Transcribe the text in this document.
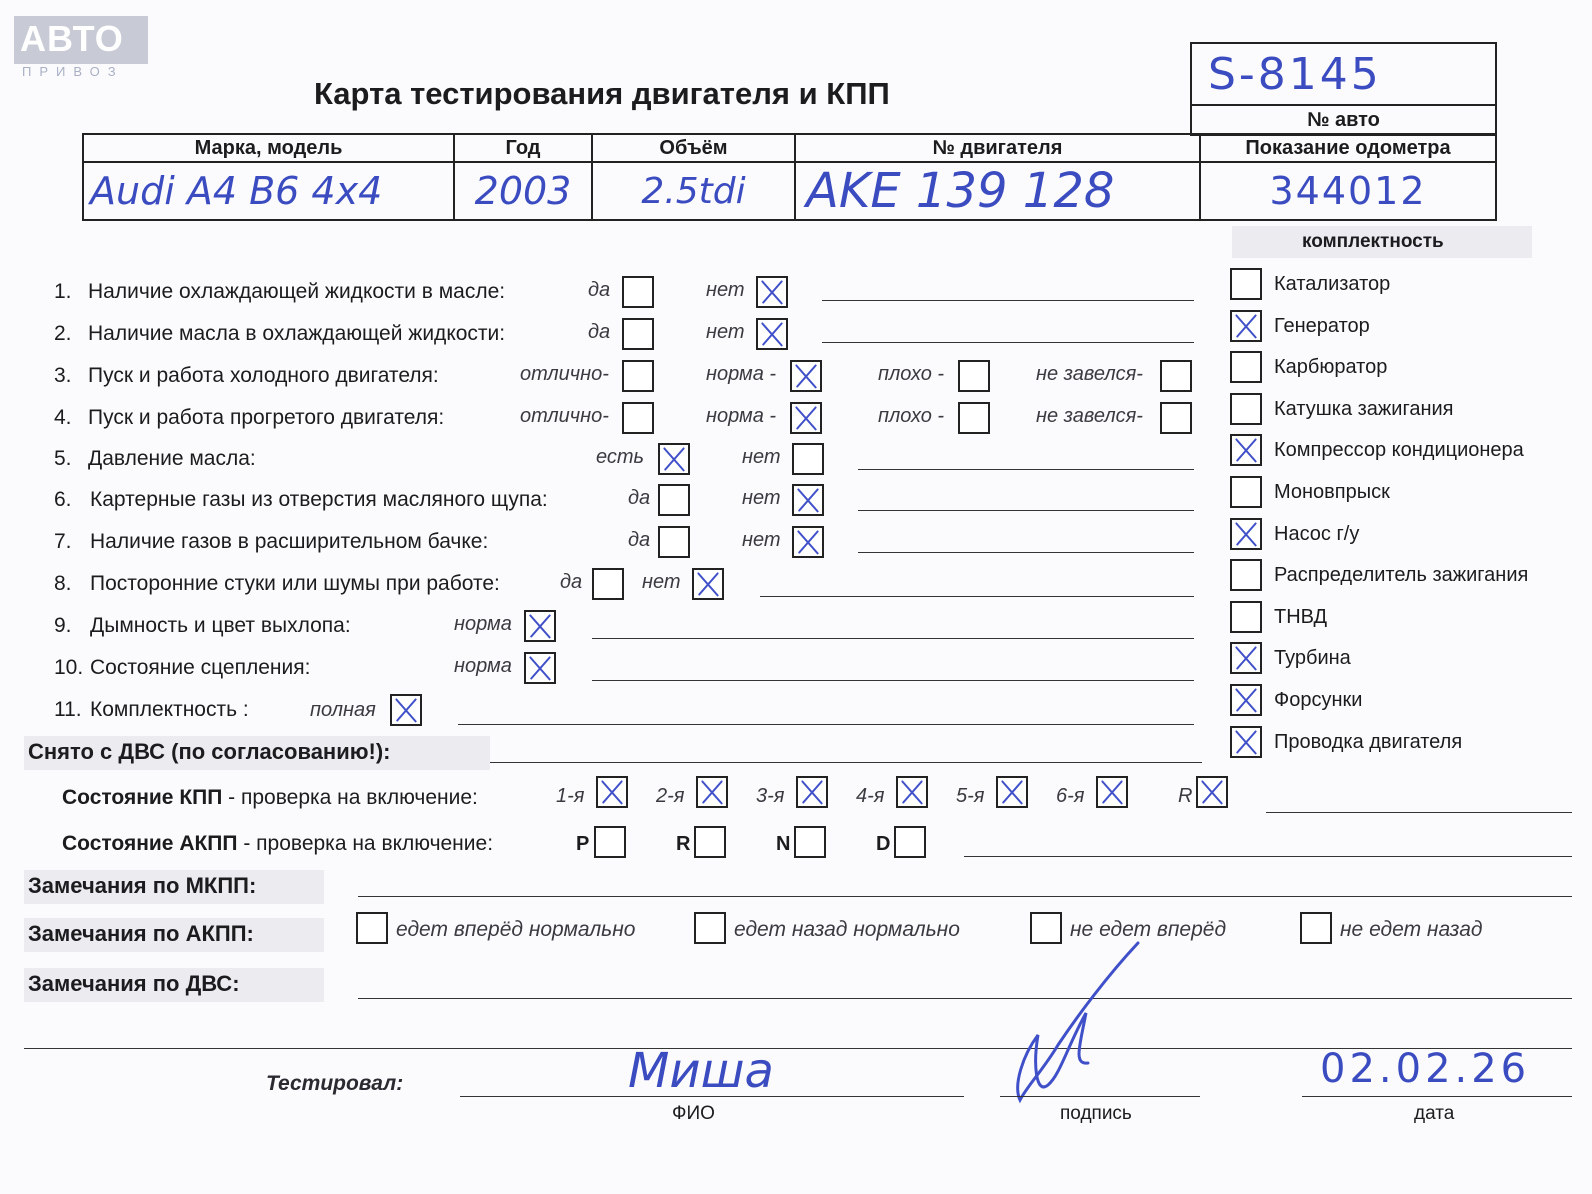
АВТО
ПРИВОЗ
Карта тестирования двигателя и КПП	S-8145
№ авто
Марка, модель	Год	Объём	№ двигателя	Показание одометра
Audi A4 B6 4x4	2003	2.5tdi	AKE 139 128	344012
комплектность
1. Наличие охлаждающей жидкости в масле:	да	нет
2. Наличие масла в охлаждающей жидкости:	да	нет
3. Пуск и работа холодного двигателя:	отлично-	норма -	плохо -	не завелся-
4. Пуск и работа прогретого двигателя:	отлично-	норма -	плохо -	не завелся-
5. Давление масла:	есть	нет
6. Картерные газы из отверстия масляного щупа:	да	нет
7. Наличие газов в расширительном бачке:	да	нет
8. Посторонние стуки или шумы при работе:	да	нет
9. Дымность и цвет выхлопа:	норма
10. Состояние сцепления:	норма
11. Комплектность :	полная
Катализатор
Генератор
Карбюратор
Катушка зажигания
Компрессор кондиционера
Моновпрыск
Насос г/у
Распределитель зажигания
ТНВД
Турбина
Форсунки
Проводка двигателя
Снято с ДВС (по согласованию!):
Состояние КПП - проверка на включение:	1-я	2-я	3-я	4-я	5-я	6-я	R
Состояние АКПП - проверка на включение:	P	R	N	D
Замечания по МКПП:
Замечания по АКПП:	едет вперёд нормально	едет назад нормально	не едет вперёд	не едет назад
Замечания по ДВС:
Тестировал:	Миша
ФИО	подпись
02.02.26
дата
